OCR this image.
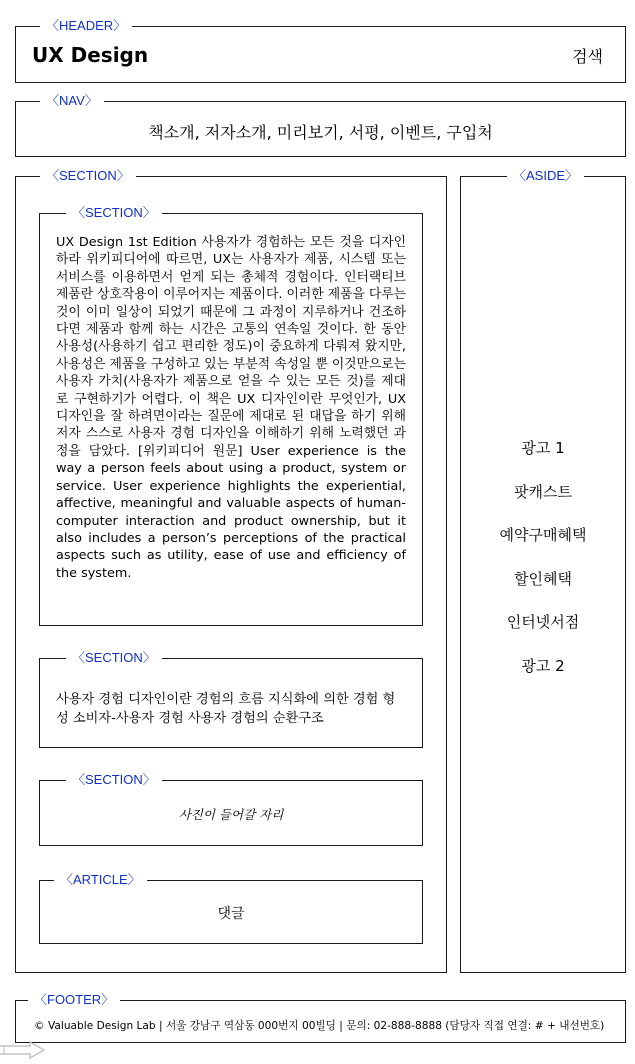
〈HEADER〉
UX Design	검색
〈NAV〉
책소개, 저자소개, 미리보기, 서평, 이벤트, 구입처
〈SECTION〉
〈SECTION〉

UX Design 1st Edition 사용자가 경험하는 모든 것을 디자인하라 위키피디어에 따르면, UX는 사용자가 제품, 시스템 또는 서비스를 이용하면서 얻게 되는 총체적 경험이다. 인터랙티브 제품란 상호작용이 이루어지는 제품이다. 이러한 제품을 다루는 것이 이미 일상이 되었기 때문에 그 과정이 지루하거나 건조하다면 제품과 함께 하는 시간은 고통의 연속일 것이다. 한 동안 사용성(사용하기 쉽고 편리한 정도)이 중요하게 다뤄져 왔지만, 사용성은 제품을 구성하고 있는 부분적 속성일 뿐 이것만으로는 사용자 가치(사용자가 제품으로 얻을 수 있는 모든 것)를 제대로 구현하기가 어렵다. 이 책은 UX 디자인이란 무엇인가, UX 디자인을 잘 하려면이라는 질문에 제대로 된 대답을 하기 위해 저자 스스로 사용자 경험 디자인을 이해하기 위해 노력했던 과정을 담았다. [위키피디어 원문] User experience is the way a person feels about using a product, system or service. User experience highlights the experiential, affective, meaningful and valuable aspects of human-computer interaction and product ownership, but it also includes a person’s perceptions of the practical aspects such as utility, ease of use and efficiency of the system.

〈SECTION〉

사용자 경험 디자인이란 경험의 흐름 지식화에 의한 경험 형성 소비자-사용자 경험 사용자 경험의 순환구조

〈SECTION〉
사진이 들어갈 자리
〈ARTICLE〉
댓글
〈ASIDE〉
광고 1
팟캐스트
예약구매혜택
할인혜택
인터넷서점
광고 2
〈FOOTER〉
© Valuable Design Lab | 서울 강남구 역삼동 000번지 00빌딩 | 문의: 02-888-8888 (담당자 직접 연결: # + 내선번호)
